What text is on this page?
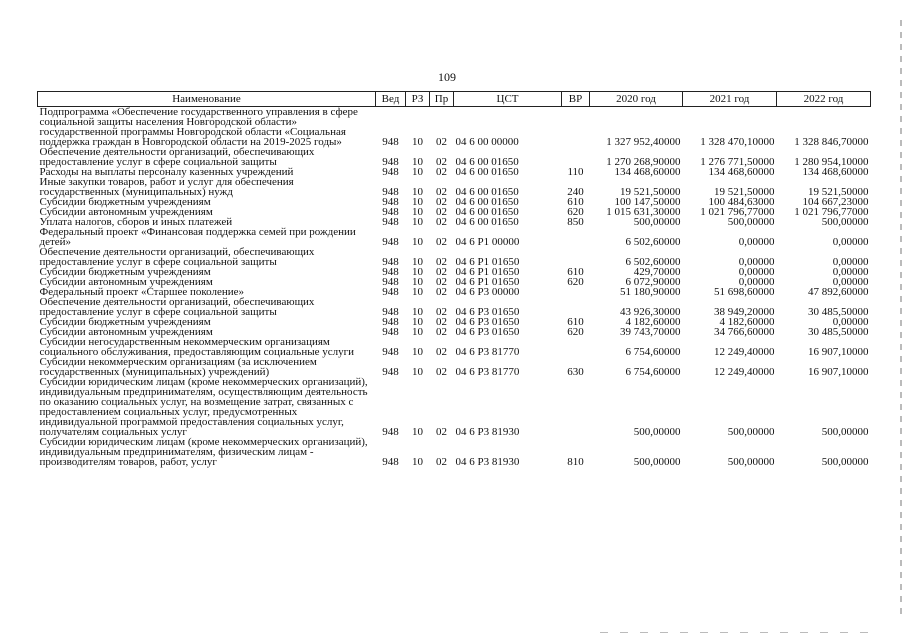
109
Наименование	Вед	РЗ	Пр	ЦСТ	ВР	2020 год	2021 год	2022 год
Подпрограмма «Обеспечение государственного управления в сфере социальной защиты населения Новгородской области» государственной программы Новгородской области «Социальная поддержка граждан в Новгородской области на 2019-2025 годы»	948	10	02	04 6 00 00000		1 327 952,40000	1 328 470,10000	1 328 846,70000
Обеспечение деятельности организаций, обеспечивающих предоставление услуг в сфере социальной защиты	948	10	02	04 6 00 01650		1 270 268,90000	1 276 771,50000	1 280 954,10000
Расходы на выплаты персоналу казенных учреждений	948	10	02	04 6 00 01650	110	134 468,60000	134 468,60000	134 468,60000
Иные закупки товаров, работ и услуг для обеспечения государственных (муниципальных) нужд	948	10	02	04 6 00 01650	240	19 521,50000	19 521,50000	19 521,50000
Субсидии бюджетным учреждениям	948	10	02	04 6 00 01650	610	100 147,50000	100 484,63000	104 667,23000
Субсидии автономным учреждениям	948	10	02	04 6 00 01650	620	1 015 631,30000	1 021 796,77000	1 021 796,77000
Уплата налогов, сборов и иных платежей	948	10	02	04 6 00 01650	850	500,00000	500,00000	500,00000
Федеральный проект «Финансовая поддержка семей при рождении детей»	948	10	02	04 6 Р1 00000		6 502,60000	0,00000	0,00000
Обеспечение деятельности организаций, обеспечивающих предоставление услуг в сфере социальной защиты	948	10	02	04 6 Р1 01650		6 502,60000	0,00000	0,00000
Субсидии бюджетным учреждениям	948	10	02	04 6 Р1 01650	610	429,70000	0,00000	0,00000
Субсидии автономным учреждениям	948	10	02	04 6 Р1 01650	620	6 072,90000	0,00000	0,00000
Федеральный проект «Старшее поколение»	948	10	02	04 6 Р3 00000		51 180,90000	51 698,60000	47 892,60000
Обеспечение деятельности организаций, обеспечивающих предоставление услуг в сфере социальной защиты	948	10	02	04 6 Р3 01650		43 926,30000	38 949,20000	30 485,50000
Субсидии бюджетным учреждениям	948	10	02	04 6 Р3 01650	610	4 182,60000	4 182,60000	0,00000
Субсидии автономным учреждениям	948	10	02	04 6 Р3 01650	620	39 743,70000	34 766,60000	30 485,50000
Субсидии негосударственным некоммерческим организациям социального обслуживания, предоставляющим социальные услуги	948	10	02	04 6 Р3 81770		6 754,60000	12 249,40000	16 907,10000
Субсидии некоммерческим организациям (за исключением государственных (муниципальных) учреждений)	948	10	02	04 6 Р3 81770	630	6 754,60000	12 249,40000	16 907,10000
Субсидии юридическим лицам (кроме некоммерческих организаций), индивидуальным предпринимателям, осуществляющим деятельность по оказанию социальных услуг, на возмещение затрат, связанных с предоставлением социальных услуг, предусмотренных индивидуальной программой предоставления социальных услуг, получателям социальных услуг	948	10	02	04 6 Р3 81930		500,00000	500,00000	500,00000
Субсидии юридическим лицам (кроме некоммерческих организаций), индивидуальным предпринимателям, физическим лицам - производителям товаров, работ, услуг	948	10	02	04 6 Р3 81930	810	500,00000	500,00000	500,00000
